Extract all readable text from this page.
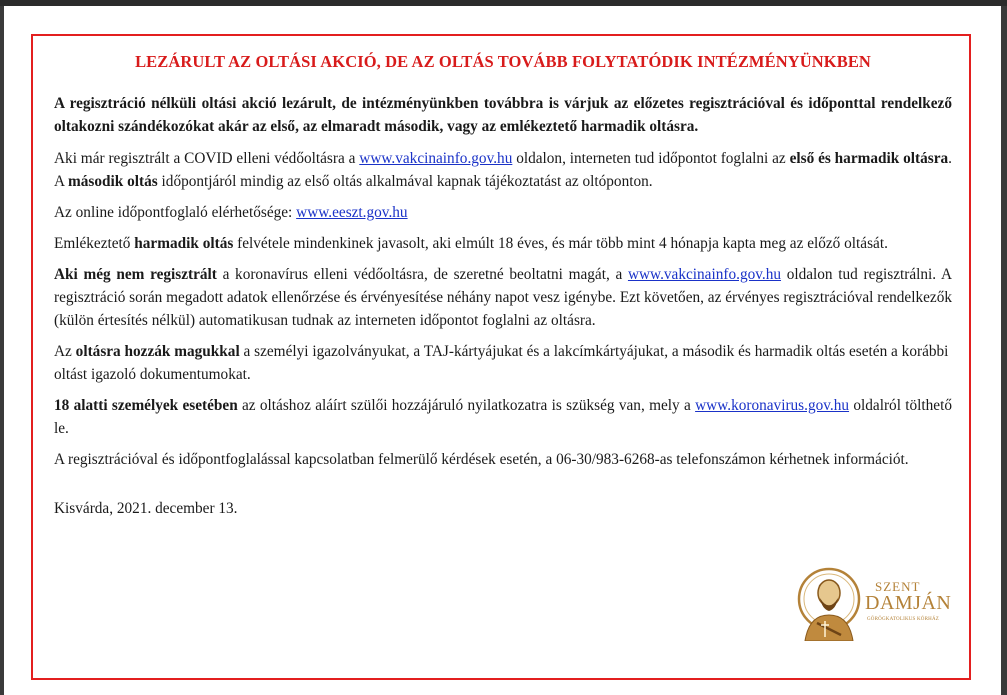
LEZÁRULT AZ OLTÁSI AKCIÓ, DE AZ OLTÁS TOVÁBB FOLYTATÓDIK INTÉZMÉNYÜNKBEN

A regisztráció nélküli oltási akció lezárult, de intézményünkben továbbra is várjuk az előzetes regisztrációval és időponttal rendelkező oltakozni szándékozókat akár az első, az elmaradt második, vagy az emlékeztető harmadik oltásra.

Aki már regisztrált a COVID elleni védőoltásra a www.vakcinainfo.gov.hu oldalon, interneten tud időpontot foglalni az első és harmadik oltásra. A második oltás időpontjáról mindig az első oltás alkalmával kapnak tájékoztatást az oltóponton.

Az online időpontfoglaló elérhetősége: www.eeszt.gov.hu

Emlékeztető harmadik oltás felvétele mindenkinek javasolt, aki elmúlt 18 éves, és már több mint 4 hónapja kapta meg az előző oltását.

Aki még nem regisztrált a koronavírus elleni védőoltásra, de szeretné beoltatni magát, a www.vakcinainfo.gov.hu oldalon tud regisztrálni. A regisztráció során megadott adatok ellenőrzése és érvényesítése néhány napot vesz igénybe. Ezt követően, az érvényes regisztrációval rendelkezők (külön értesítés nélkül) automatikusan tudnak az interneten időpontot foglalni az oltásra.

Az oltásra hozzák magukkal a személyi igazolványukat, a TAJ-kártyájukat és a lakcímkártyájukat, a második és harmadik oltás esetén a korábbi oltást igazoló dokumentumokat.

18 alatti személyek esetében az oltáshoz aláírt szülői hozzájáruló nyilatkozatra is szükség van, mely a www.koronavirus.gov.hu oldalról tölthető le.

A regisztrációval és időpontfoglalással kapcsolatban felmerülő kérdések esetén, a 06-30/983-6268-as telefonszámon kérhetnek információt.

Kisvárda, 2021. december 13.

SZENT
DAMJÁN
GÖRÖGKATOLIKUS KÓRHÁZ
